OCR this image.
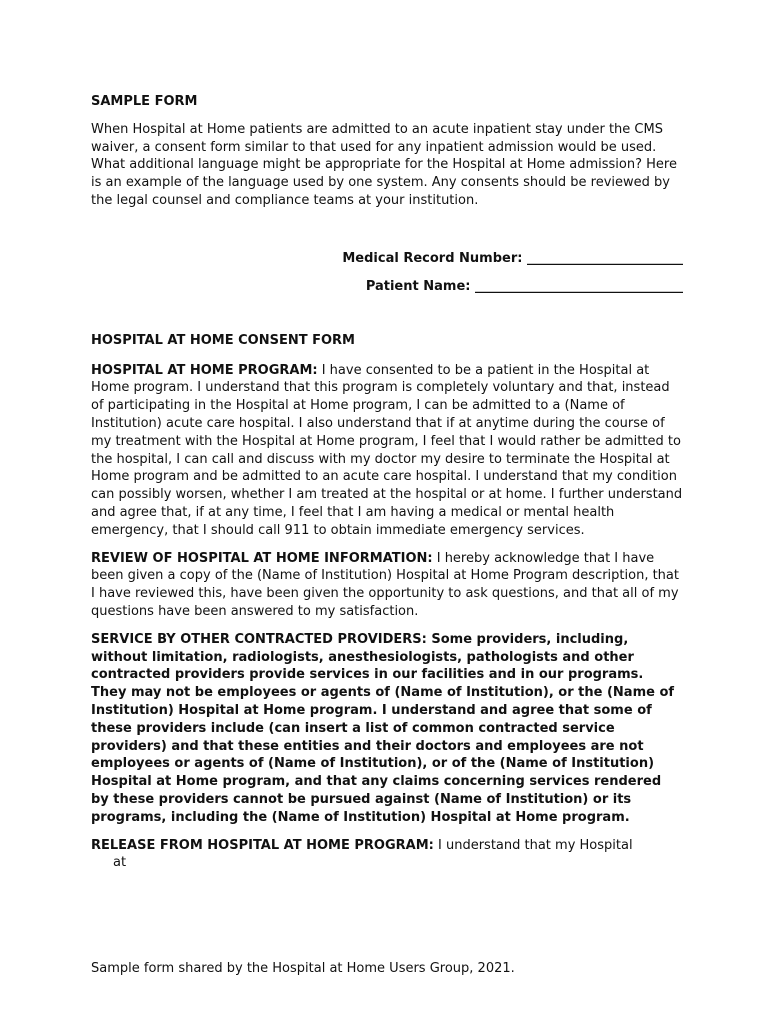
SAMPLE FORM

When Hospital at Home patients are admitted to an acute inpatient stay under the CMS waiver, a consent form similar to that used for any inpatient admission would be used. What additional language might be appropriate for the Hospital at Home admission? Here is an example of the language used by one system. Any consents should be reviewed by the legal counsel and compliance teams at your institution.

Medical Record Number: ________________________
Patient Name: ________________________________
HOSPITAL AT HOME CONSENT FORM

HOSPITAL AT HOME PROGRAM: I have consented to be a patient in the Hospital at Home program. I understand that this program is completely voluntary and that, instead of participating in the Hospital at Home program, I can be admitted to a (Name of Institution) acute care hospital. I also understand that if at anytime during the course of my treatment with the Hospital at Home program, I feel that I would rather be admitted to the hospital, I can call and discuss with my doctor my desire to terminate the Hospital at Home program and be admitted to an acute care hospital. I understand that my condition can possibly worsen, whether I am treated at the hospital or at home. I further understand and agree that, if at any time, I feel that I am having a medical or mental health emergency, that I should call 911 to obtain immediate emergency services.

REVIEW OF HOSPITAL AT HOME INFORMATION: I hereby acknowledge that I have been given a copy of the (Name of Institution) Hospital at Home Program description, that I have reviewed this, have been given the opportunity to ask questions, and that all of my questions have been answered to my satisfaction.

SERVICE BY OTHER CONTRACTED PROVIDERS: Some providers, including, without limitation, radiologists, anesthesiologists, pathologists and other contracted providers provide services in our facilities and in our programs. They may not be employees or agents of (Name of Institution), or the (Name of Institution) Hospital at Home program. I understand and agree that some of these providers include (can insert a list of common contracted service providers) and that these entities and their doctors and employees are not employees or agents of (Name of Institution), or of the (Name of Institution) Hospital at Home program, and that any claims concerning services rendered by these providers cannot be pursued against (Name of Institution) or its programs, including the (Name of Institution) Hospital at Home program.

RELEASE FROM HOSPITAL AT HOME PROGRAM: I understand that my Hospital
at

Sample form shared by the Hospital at Home Users Group, 2021.
